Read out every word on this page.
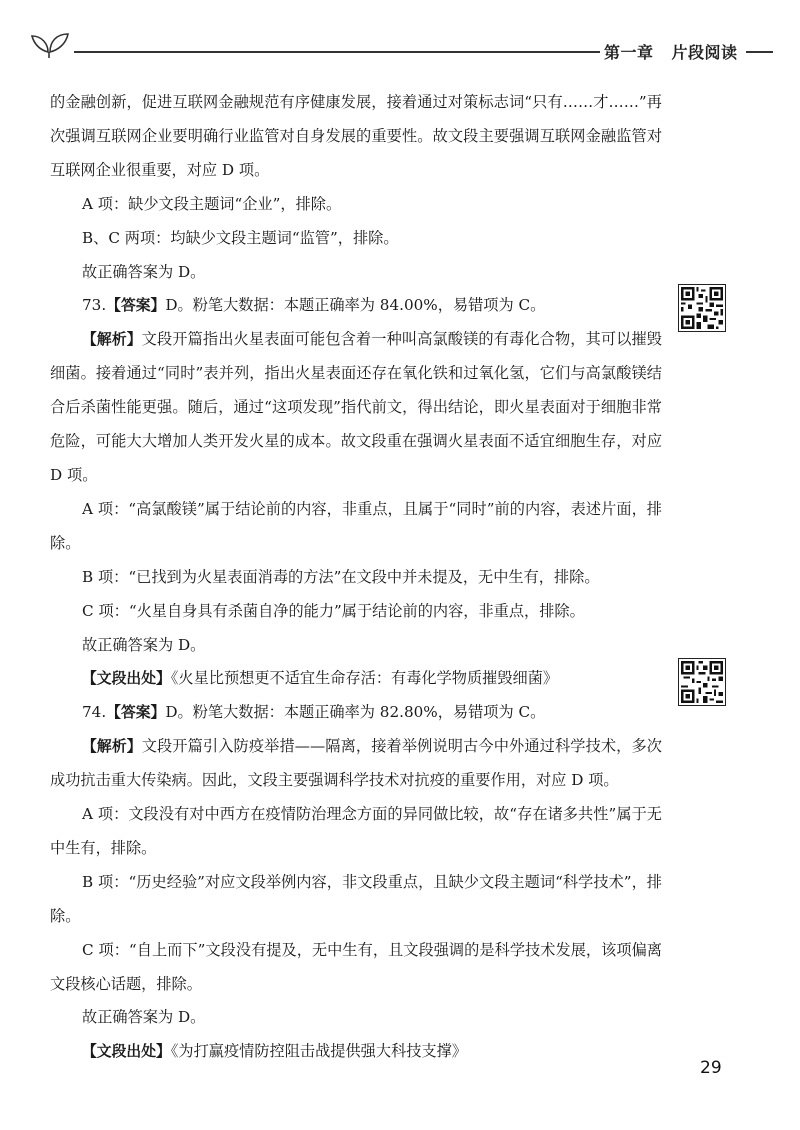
第一章 片段阅读

的金融创新，促进互联网金融规范有序健康发展，接着通过对策标志词“只有……才……”再次强调互联网企业要明确行业监管对自身发展的重要性。故文段主要强调互联网金融监管对互联网企业很重要，对应 D 项。

A 项：缺少文段主题词“企业”，排除。

B、C 两项：均缺少文段主题词“监管”，排除。

故正确答案为 D。

73.【答案】D。粉笔大数据：本题正确率为 84.00%，易错项为 C。

【解析】文段开篇指出火星表面可能包含着一种叫高氯酸镁的有毒化合物，其可以摧毁细菌。接着通过“同时”表并列，指出火星表面还存在氧化铁和过氧化氢，它们与高氯酸镁结合后杀菌性能更强。随后，通过“这项发现”指代前文，得出结论，即火星表面对于细胞非常危险，可能大大增加人类开发火星的成本。故文段重在强调火星表面不适宜细胞生存，对应 D 项。

A 项：“高氯酸镁”属于结论前的内容，非重点，且属于“同时”前的内容，表述片面，排除。

B 项：“已找到为火星表面消毒的方法”在文段中并未提及，无中生有，排除。

C 项：“火星自身具有杀菌自净的能力”属于结论前的内容，非重点，排除。

故正确答案为 D。

【文段出处】《火星比预想更不适宜生命存活：有毒化学物质摧毁细菌》

74.【答案】D。粉笔大数据：本题正确率为 82.80%，易错项为 C。

【解析】文段开篇引入防疫举措——隔离，接着举例说明古今中外通过科学技术，多次成功抗击重大传染病。因此，文段主要强调科学技术对抗疫的重要作用，对应 D 项。

A 项：文段没有对中西方在疫情防治理念方面的异同做比较，故“存在诸多共性”属于无中生有，排除。

B 项：“历史经验”对应文段举例内容，非文段重点，且缺少文段主题词“科学技术”，排除。

C 项：“自上而下”文段没有提及，无中生有，且文段强调的是科学技术发展，该项偏离文段核心话题，排除。

故正确答案为 D。

【文段出处】《为打赢疫情防控阻击战提供强大科技支撑》

29
